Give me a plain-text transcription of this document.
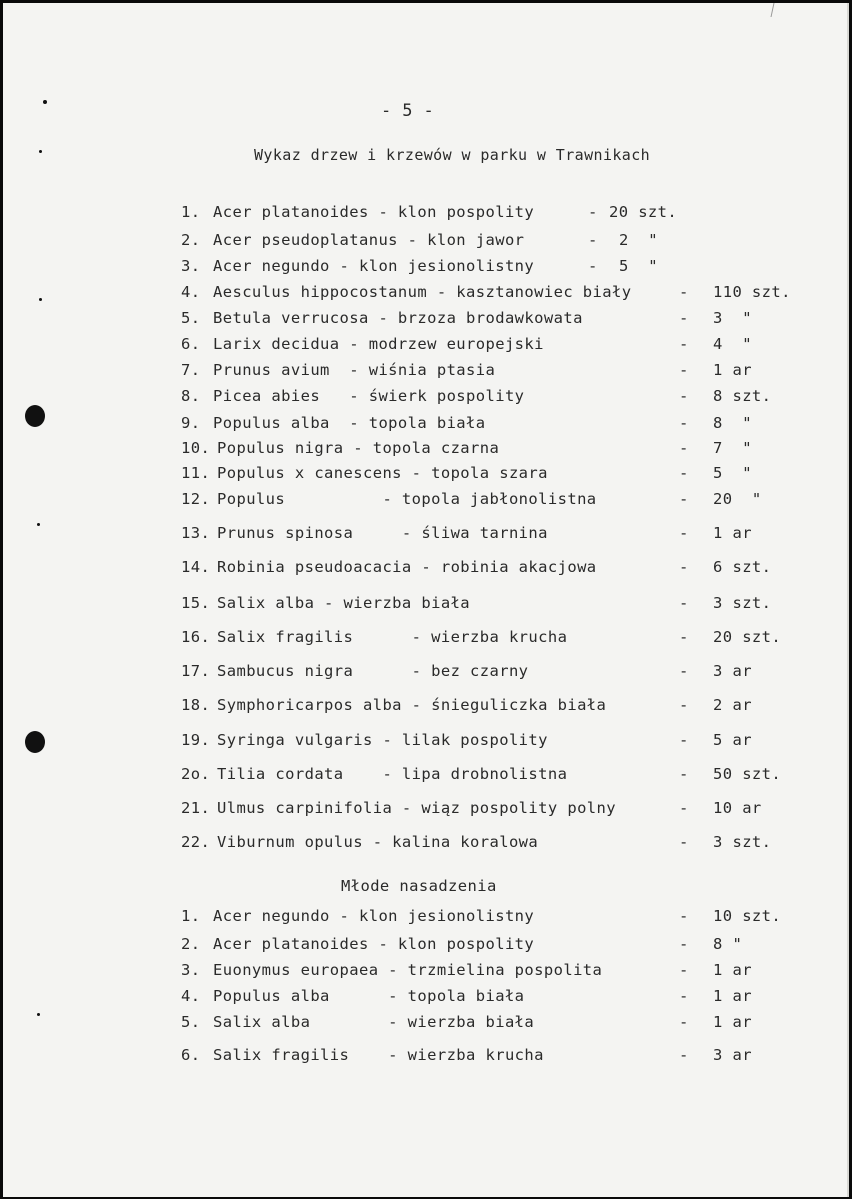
- 5 -
Wykaz drzew i krzewów w parku w Trawnikach
1. Acer platanoides - klon pospolity	- 20 szt.
2. Acer pseudoplatanus - klon jawor	- 2  "
3. Acer negundo - klon jesionolistny	- 5  "
4. Aesculus hippocostanum - kasztanowiec biały	- 110 szt.
5. Betula verrucosa - brzoza brodawkowata	- 3  "
6. Larix decidua - modrzew europejski	- 4  "
7. Prunus avium  - wiśnia ptasia	- 1 ar
8. Picea abies   - świerk pospolity	- 8 szt.
9. Populus alba  - topola biała	- 8  "
10. Populus nigra - topola czarna	- 7  "
11. Populus x canescens - topola szara	- 5  "
12. Populus          - topola jabłonolistna	- 20  "
13. Prunus spinosa     - śliwa tarnina	- 1 ar
14. Robinia pseudoacacia - robinia akacjowa	- 6 szt.
15. Salix alba - wierzba biała	- 3 szt.
16. Salix fragilis      - wierzba krucha	- 20 szt.
17. Sambucus nigra      - bez czarny	- 3 ar
18. Symphoricarpos alba - śnieguliczka biała	- 2 ar
19. Syringa vulgaris - lilak pospolity	- 5 ar
2o. Tilia cordata    - lipa drobnolistna	- 50 szt.
21. Ulmus carpinifolia - wiąz pospolity polny	- 10 ar
22. Viburnum opulus - kalina koralowa	- 3 szt.
Młode nasadzenia
1. Acer negundo - klon jesionolistny	- 10 szt.
2. Acer platanoides - klon pospolity	- 8 "
3. Euonymus europaea - trzmielina pospolita	- 1 ar
4. Populus alba      - topola biała	- 1 ar
5. Salix alba        - wierzba biała	- 1 ar
6. Salix fragilis    - wierzba krucha	- 3 ar
